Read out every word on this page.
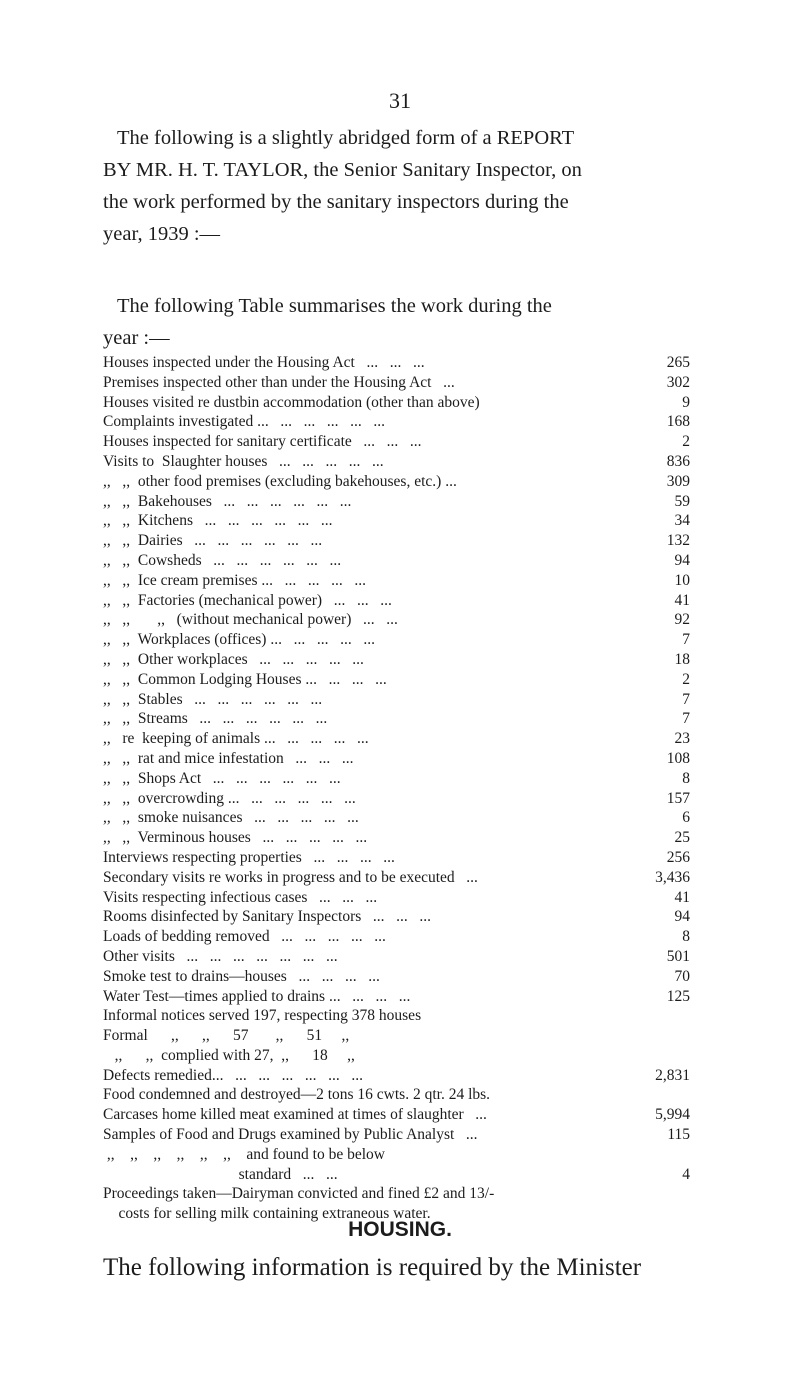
31

The following is a slightly abridged form of a REPORT
BY MR. H. T. TAYLOR, the Senior Sanitary Inspector, on
the work performed by the sanitary inspectors during the
year, 1939 :—

The following Table summarises the work during the
year :—

Houses inspected under the Housing Act   ...   ...   ...	265
Premises inspected other than under the Housing Act   ...	302
Houses visited re dustbin accommodation (other than above)	9
Complaints investigated ...   ...   ...   ...   ...   ...	168
Houses inspected for sanitary certificate   ...   ...   ...	2
Visits to  Slaughter houses   ...   ...   ...   ...   ...	836
,,   ,,  other food premises (excluding bakehouses, etc.) ...	309
,,   ,,  Bakehouses   ...   ...   ...   ...   ...   ...	59
,,   ,,  Kitchens   ...   ...   ...   ...   ...   ...	34
,,   ,,  Dairies   ...   ...   ...   ...   ...   ...	132
,,   ,,  Cowsheds   ...   ...   ...   ...   ...   ...	94
,,   ,,  Ice cream premises ...   ...   ...   ...   ...	10
,,   ,,  Factories (mechanical power)   ...   ...   ...	41
,,   ,,       ,,   (without mechanical power)   ...   ...	92
,,   ,,  Workplaces (offices) ...   ...   ...   ...   ...	7
,,   ,,  Other workplaces   ...   ...   ...   ...   ...	18
,,   ,,  Common Lodging Houses ...   ...   ...   ...	2
,,   ,,  Stables   ...   ...   ...   ...   ...   ...	7
,,   ,,  Streams   ...   ...   ...   ...   ...   ...	7
,,   re  keeping of animals ...   ...   ...   ...   ...	23
,,   ,,  rat and mice infestation   ...   ...   ...	108
,,   ,,  Shops Act   ...   ...   ...   ...   ...   ...	8
,,   ,,  overcrowding ...   ...   ...   ...   ...   ...	157
,,   ,,  smoke nuisances   ...   ...   ...   ...   ...	6
,,   ,,  Verminous houses   ...   ...   ...   ...   ...	25
Interviews respecting properties   ...   ...   ...   ...	256
Secondary visits re works in progress and to be executed   ...	3,436
Visits respecting infectious cases   ...   ...   ...	41
Rooms disinfected by Sanitary Inspectors   ...   ...   ...	94
Loads of bedding removed   ...   ...   ...   ...   ...	8
Other visits   ...   ...   ...   ...   ...   ...   ...	501
Smoke test to drains—houses   ...   ...   ...   ...	70
Water Test—times applied to drains ...   ...   ...   ...	125
Informal notices served 197, respecting 378 houses
Formal      ,,      ,,      57       ,,      51     ,,
,,      ,,  complied with 27,  ,,      18     ,,
Defects remedied...   ...   ...   ...   ...   ...   ...	2,831
Food condemned and destroyed—2 tons 16 cwts. 2 qtr. 24 lbs.
Carcases home killed meat examined at times of slaughter   ...	5,994
Samples of Food and Drugs examined by Public Analyst   ...	115
,,    ,,    ,,    ,,    ,,    ,,    and found to be below
standard   ...   ...	4
Proceedings taken—Dairyman convicted and fined £2 and 13/-
costs for selling milk containing extraneous water.
HOUSING.
The following information is required by the Minister
